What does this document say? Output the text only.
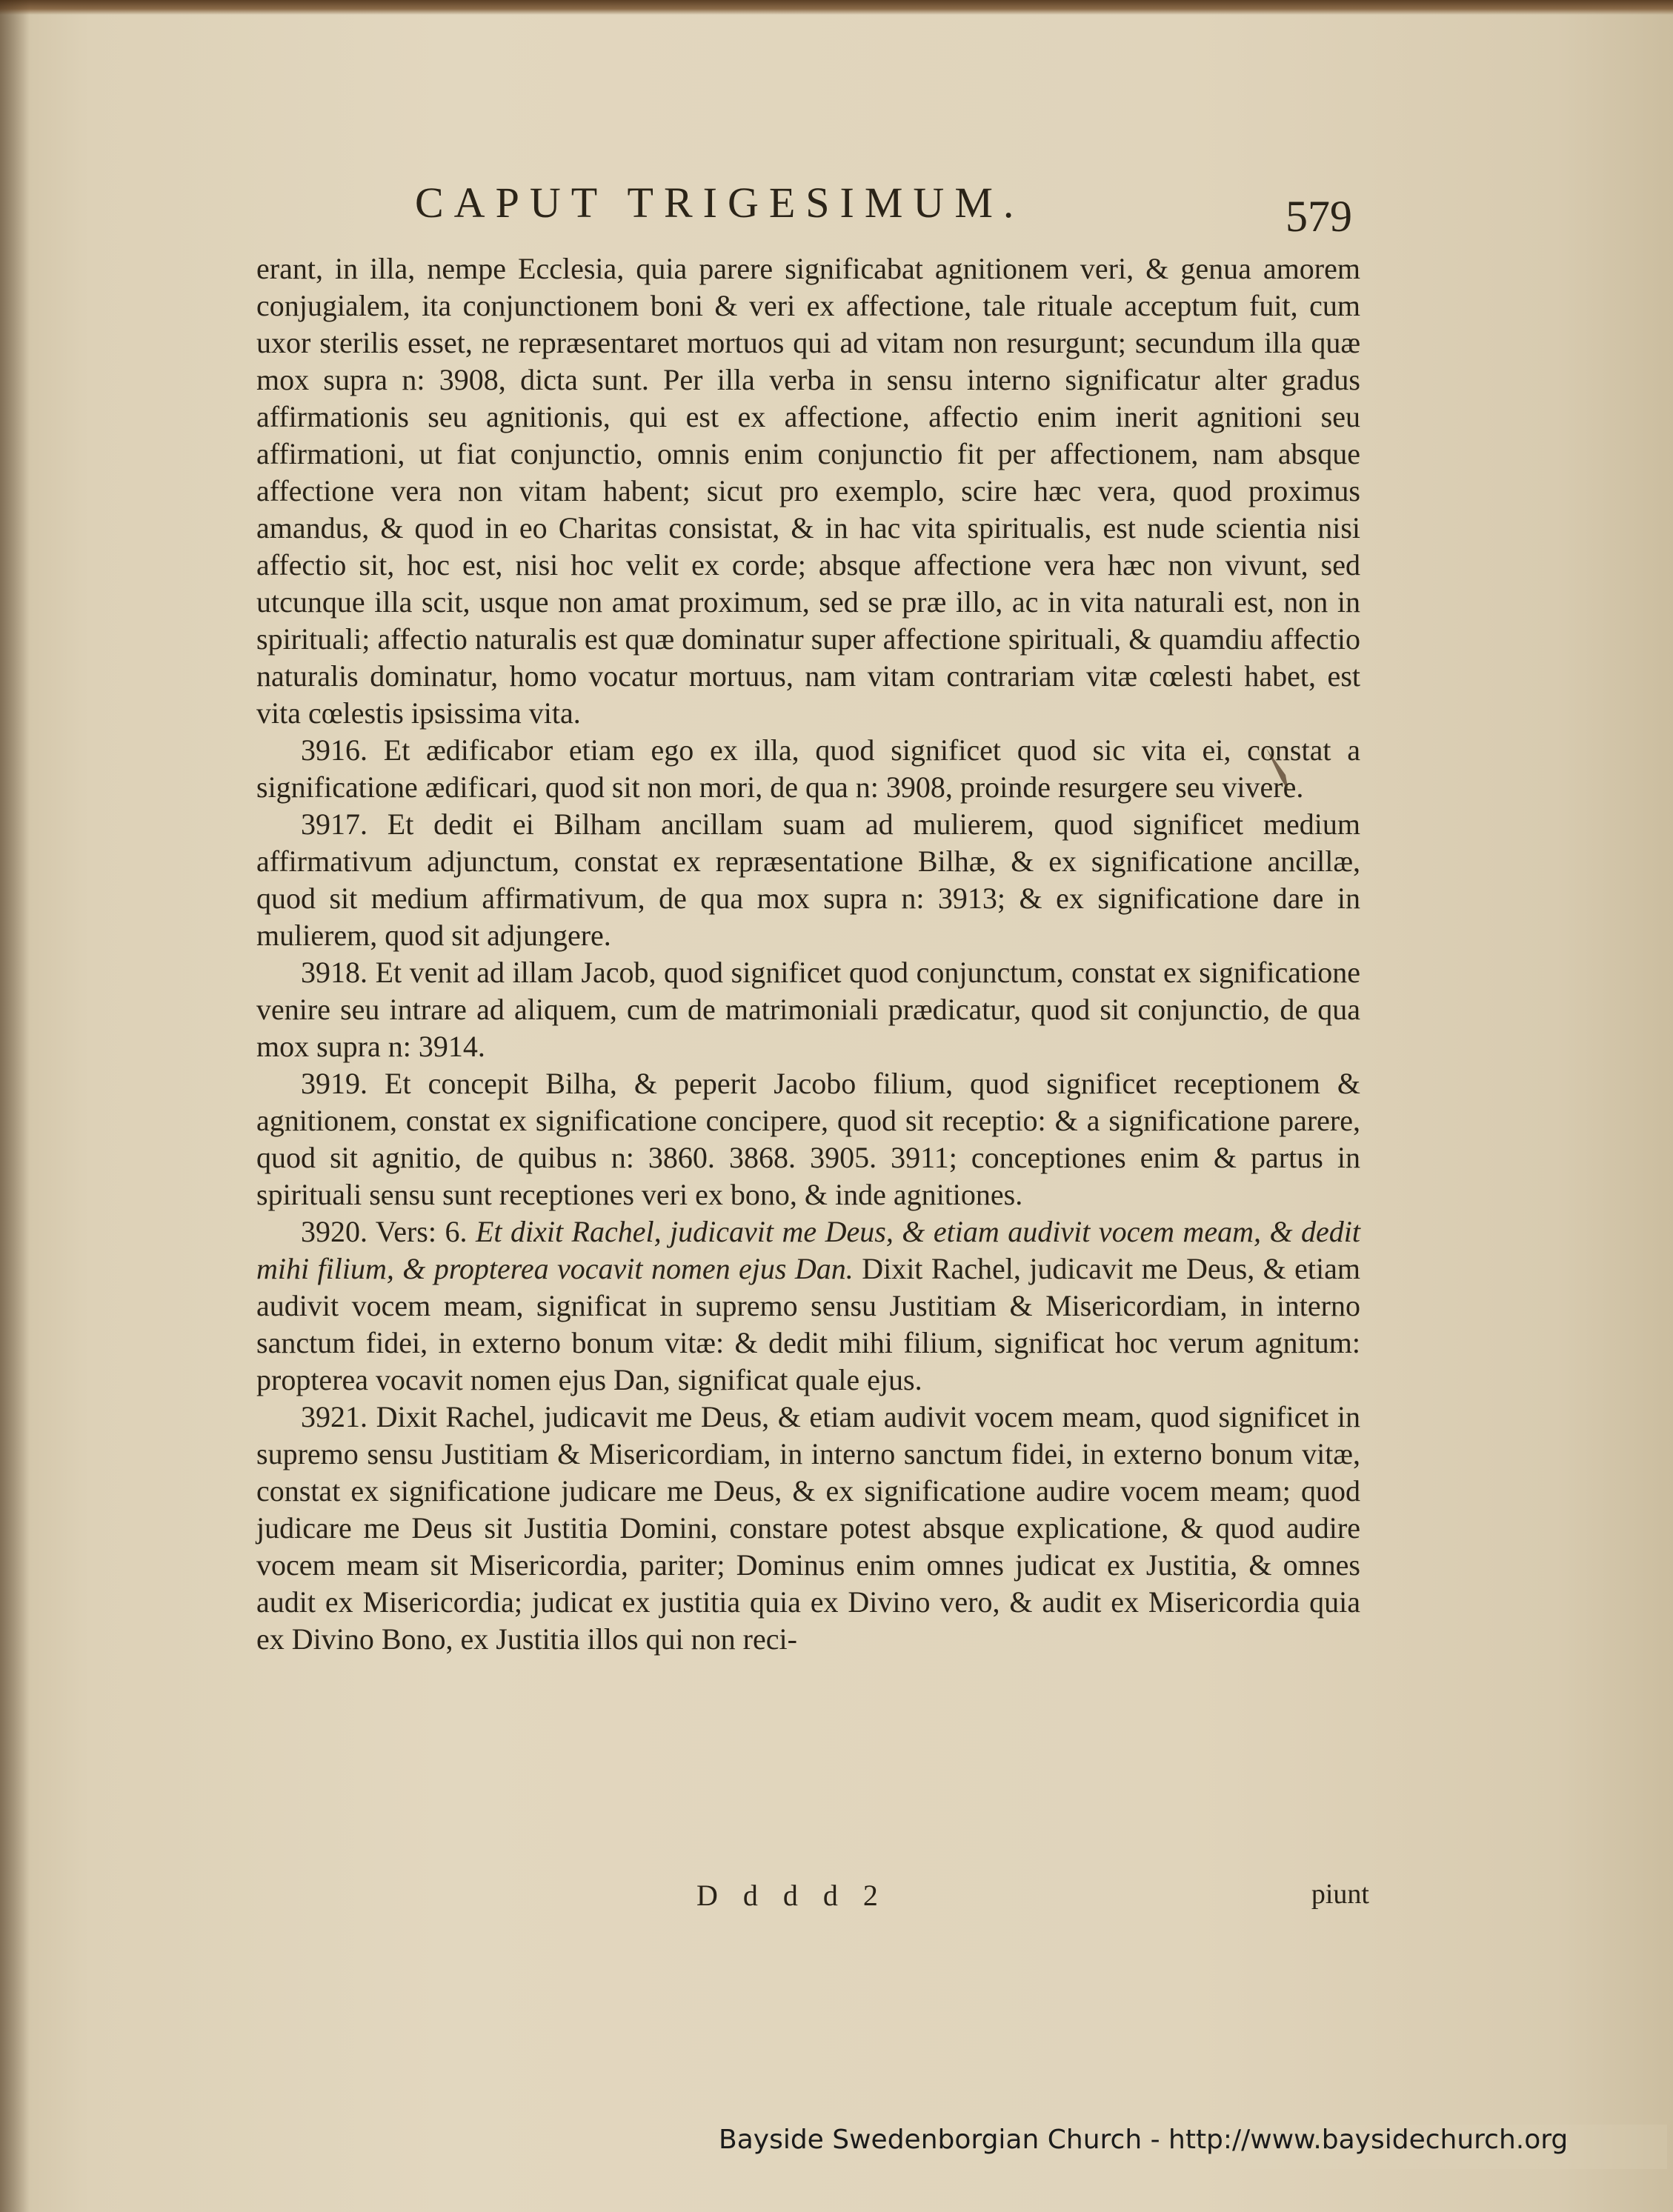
CAPUT TRIGESIMUM.	579

erant, in illa, nempe Ecclesia, quia parere significabat agnitionem veri, & genua amorem conjugialem, ita conjunctionem boni & veri ex affectione, tale rituale acceptum fuit, cum uxor sterilis esset, ne repræsentaret mortuos qui ad vitam non resurgunt; secundum illa quæ mox supra n: 3908, dicta sunt. Per illa verba in sensu interno significatur alter gradus affirmationis seu agnitionis, qui est ex affectione, affectio enim inerit agnitioni seu affirmationi, ut fiat conjunctio, omnis enim conjunctio fit per affectionem, nam absque affectione vera non vitam habent; sicut pro exemplo, scire hæc vera, quod proximus amandus, & quod in eo Charitas consistat, & in hac vita spiritualis, est nude scientia nisi affectio sit, hoc est, nisi hoc velit ex corde; absque affectione vera hæc non vivunt, sed utcunque illa scit, usque non amat proximum, sed se præ illo, ac in vita naturali est, non in spirituali; affectio naturalis est quæ dominatur super affectione spirituali, & quamdiu affectio naturalis dominatur, homo vocatur mortuus, nam vitam contrariam vitæ cœlesti habet, est vita cœlestis ipsissima vita.

3916. Et ædificabor etiam ego ex illa, quod significet quod sic vita ei, constat a significatione ædificari, quod sit non mori, de qua n: 3908, proinde resurgere seu vivere.

3917. Et dedit ei Bilham ancillam suam ad mulierem, quod significet medium affirmativum adjunctum, constat ex repræsentatione Bilhæ, & ex significatione ancillæ, quod sit medium affirmativum, de qua mox supra n: 3913; & ex significatione dare in mulierem, quod sit adjungere.

3918. Et venit ad illam Jacob, quod significet quod conjunctum, constat ex significatione venire seu intrare ad aliquem, cum de matrimoniali prædicatur, quod sit conjunctio, de qua mox supra n: 3914.

3919. Et concepit Bilha, & peperit Jacobo filium, quod significet receptionem & agnitionem, constat ex significatione concipere, quod sit receptio: & a significatione parere, quod sit agnitio, de quibus n: 3860. 3868. 3905. 3911; conceptiones enim & partus in spirituali sensu sunt receptiones veri ex bono, & inde agnitiones.

3920. Vers: 6. Et dixit Rachel, judicavit me Deus, & etiam audivit vocem meam, & dedit mihi filium, & propterea vocavit nomen ejus Dan. Dixit Rachel, judicavit me Deus, & etiam audivit vocem meam, significat in supremo sensu Justitiam & Misericordiam, in interno sanctum fidei, in externo bonum vitæ: & dedit mihi filium, significat hoc verum agnitum: propterea vocavit nomen ejus Dan, significat quale ejus.

3921. Dixit Rachel, judicavit me Deus, & etiam audivit vocem meam, quod significet in supremo sensu Justitiam & Misericordiam, in interno sanctum fidei, in externo bonum vitæ, constat ex significatione judicare me Deus, & ex significatione audire vocem meam; quod judicare me Deus sit Justitia Domini, constare potest absque explicatione, & quod audire vocem meam sit Misericordia, pariter; Dominus enim omnes judicat ex Justitia, & omnes audit ex Misericordia; judicat ex justitia quia ex Divino vero, & audit ex Misericordia quia ex Divino Bono, ex Justitia illos qui non reci-

D d d d 2	piunt
Bayside Swedenborgian Church - http://www.baysidechurch.org
